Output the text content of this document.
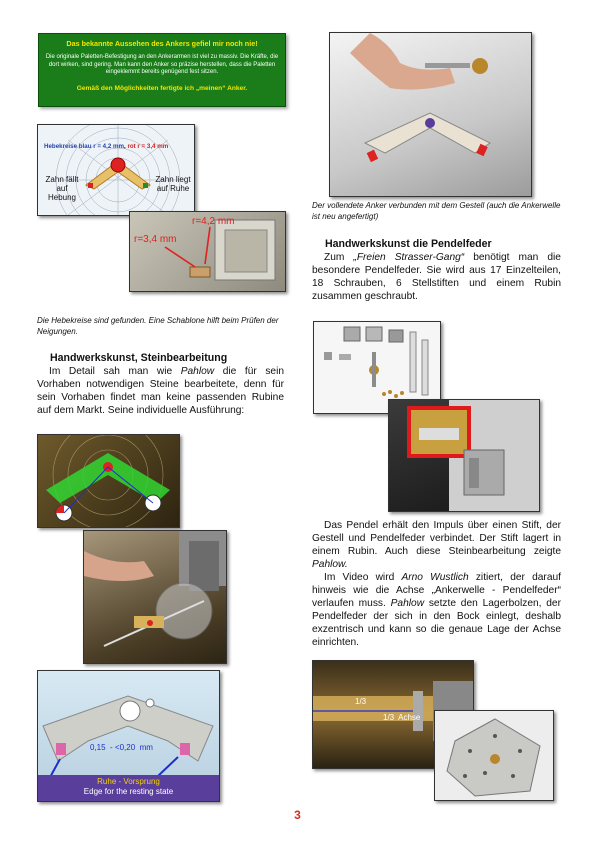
Das bekannte Aussehen des Ankers gefiel mir noch nie!
Die originale Paletten-Befestigung an den Ankerarmen ist viel zu massiv. Die Kräfte, die dort wirken, sind gering. Man kann den Anker so präzise herstellen, dass die Paletten eingeklemmt bereits genügend fest sitzen.
Gemäß den Möglichkeiten fertigte ich „meinen“ Anker.
Hebekreise blau r = 4,2 mm, rot r = 3,4 mm
Zahn fällt auf Hebung
Zahn liegt auf Ruhe
r=4,2 mm
r=3,4 mm
Die Hebekreise sind gefunden. Eine Schablone hilft beim Prüfen der Neigungen.
Handwerkskunst, Steinbearbeitung
Im Detail sah man wie Pahlow die für sein Vorhaben notwendigen Steine bearbeitete, denn für sein Vorhaben findet man keine passenden Rubine auf dem Markt. Seine individuelle Ausführung:
0,15  - <0,20  mm
Ruhe - Vorsprung
Edge for the resting state
Der vollendete Anker verbunden mit dem Gestell (auch die Ankerwelle ist neu angefertigt)
Handwerkskunst die Pendelfeder
Zum „Freien Strasser-Gang“ benötigt man die besondere Pendelfeder. Sie wird aus 17 Einzelteilen, 18 Schrauben, 6 Stellstiften und einem Rubin zusammen geschraubt.
Das Pendel erhält den Impuls über einen Stift, der Gestell und Pendelfeder verbindet. Der Stift lagert in einem Rubin. Auch diese Steinbearbeitung zeigte Pahlow.
Im Video wird Arno Wustlich zitiert, der darauf hinweis wie die Achse „Ankerwelle - Pendelfeder“ verlaufen muss. Pahlow setzte den Lagerbolzen, der Pendelfeder der sich in den Bock einlegt, deshalb exzentrisch und kann so die genaue Lage der Achse einrichten.
1/3
1/3  Achse
3
